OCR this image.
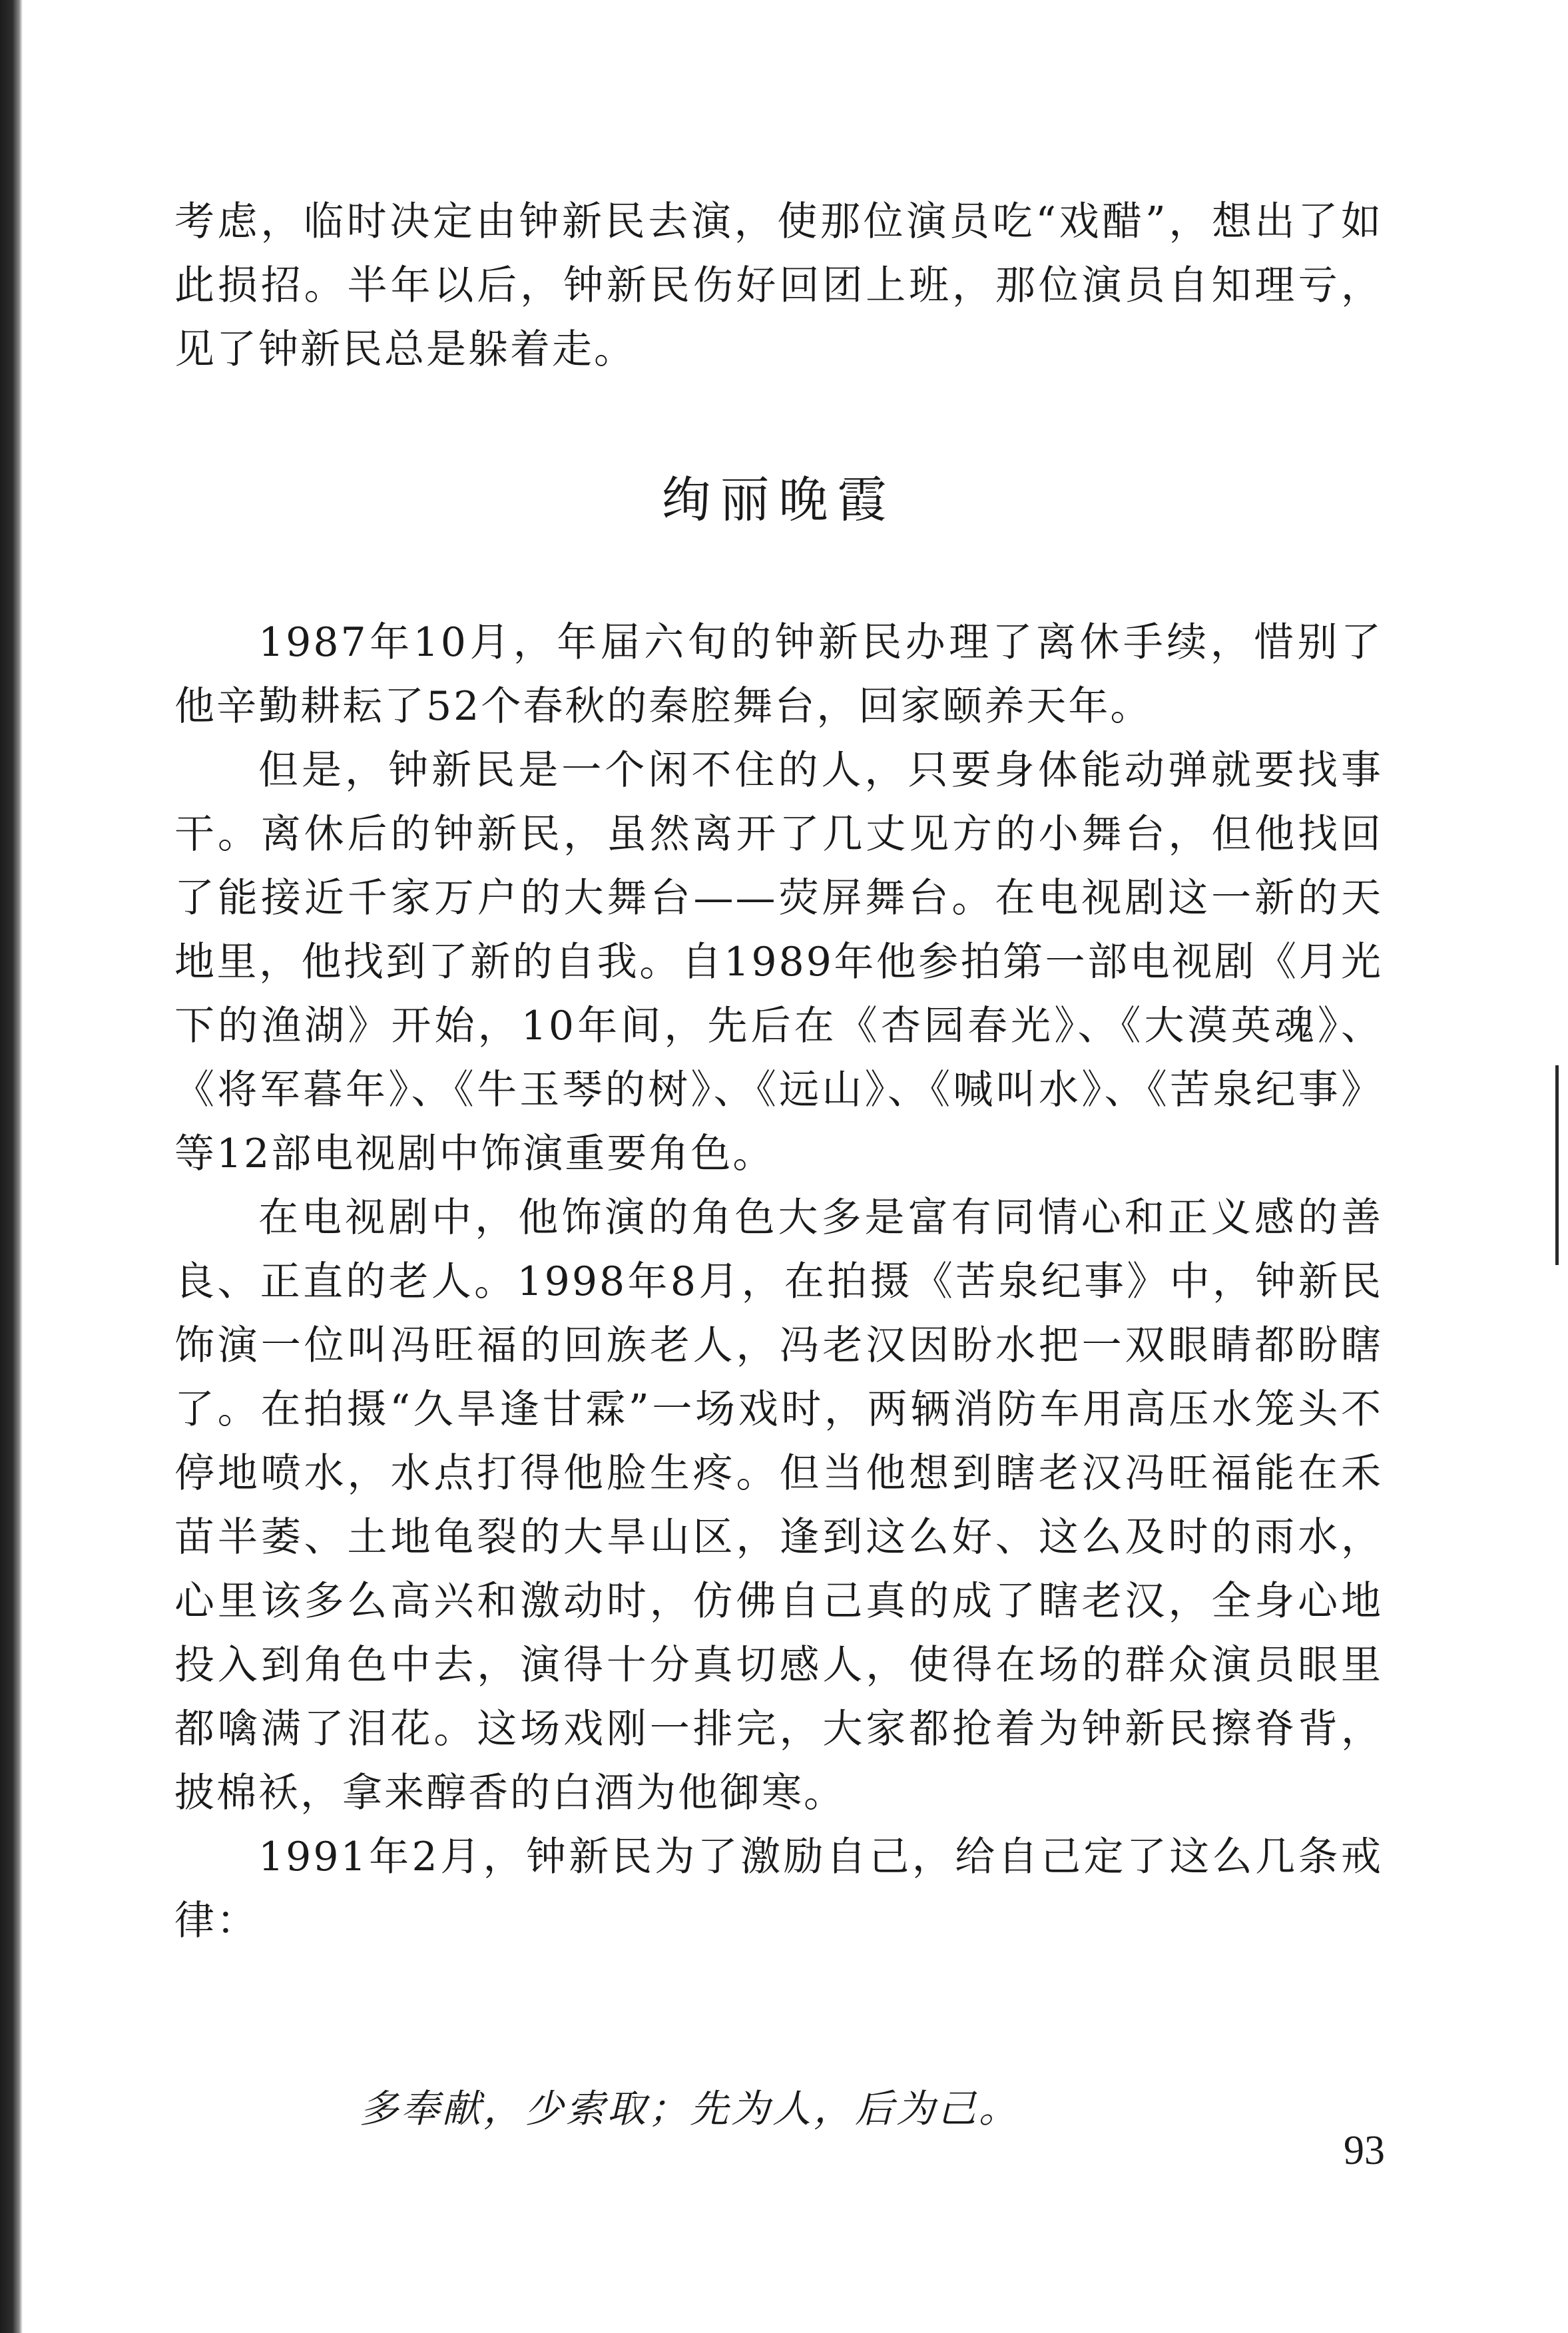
考虑，临时决定由钟新民去演，使那位演员吃“戏醋”，想出了如此损招。半年以后，钟新民伤好回团上班，那位演员自知理亏，见了钟新民总是躲着走。

绚丽晚霞

1987年10月，年届六旬的钟新民办理了离休手续，惜别了他辛勤耕耘了52个春秋的秦腔舞台，回家颐养天年。

但是，钟新民是一个闲不住的人，只要身体能动弹就要找事干。离休后的钟新民，虽然离开了几丈见方的小舞台，但他找回了能接近千家万户的大舞台——荧屏舞台。在电视剧这一新的天地里，他找到了新的自我。自1989年他参拍第一部电视剧《月光下的渔湖》开始，10年间，先后在《杏园春光》、《大漠英魂》、《将军暮年》、《牛玉琴的树》、《远山》、《喊叫水》、《苦泉纪事》等12部电视剧中饰演重要角色。

在电视剧中，他饰演的角色大多是富有同情心和正义感的善良、正直的老人。1998年8月，在拍摄《苦泉纪事》中，钟新民饰演一位叫冯旺福的回族老人，冯老汉因盼水把一双眼睛都盼瞎了。在拍摄“久旱逢甘霖”一场戏时，两辆消防车用高压水笼头不停地喷水，水点打得他脸生疼。但当他想到瞎老汉冯旺福能在禾苗半萎、土地龟裂的大旱山区，逢到这么好、这么及时的雨水，心里该多么高兴和激动时，仿佛自己真的成了瞎老汉，全身心地投入到角色中去，演得十分真切感人，使得在场的群众演员眼里都噙满了泪花。这场戏刚一排完，大家都抢着为钟新民擦脊背，披棉袄，拿来醇香的白酒为他御寒。

1991年2月，钟新民为了激励自己，给自己定了这么几条戒律：

多奉献，少索取；先为人，后为己。

93
